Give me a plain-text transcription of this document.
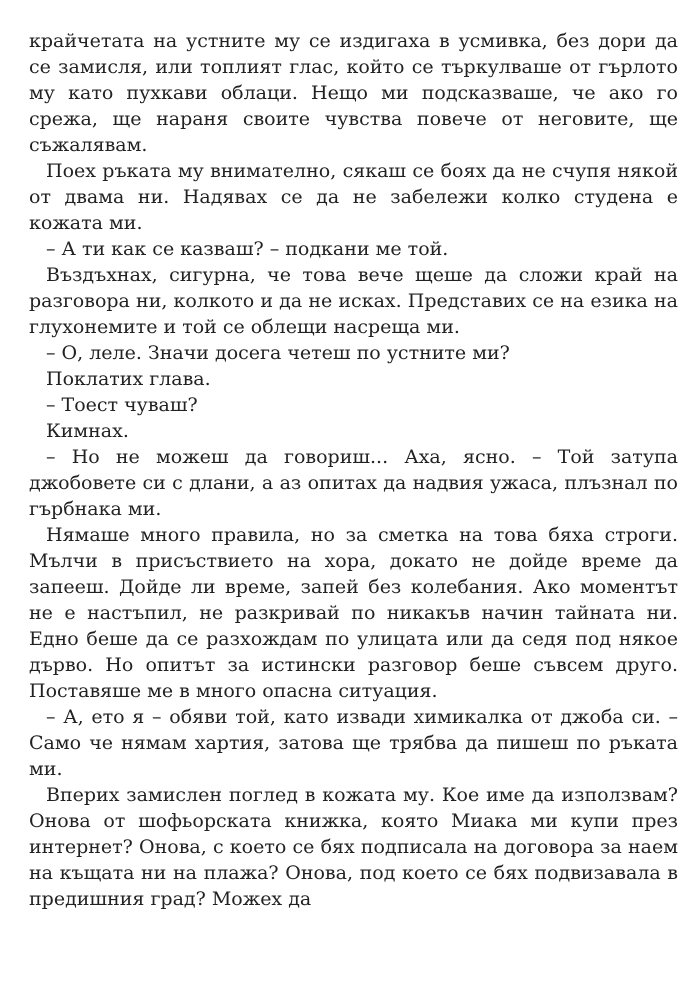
крайчетата на устните му се издигаха в усмивка, без дори да се замисля, или топлият глас, който се търкулваше от гърлото му като пухкави облаци. Нещо ми подсказваше, че ако го срежа, ще нараня своите чувства повече от неговите, ще съжалявам.

Поех ръката му внимателно, сякаш се боях да не счупя някой от двама ни. Надявах се да не забележи колко студена е кожата ми.

– А ти как се казваш? – подкани ме той.

Въздъхнах, сигурна, че това вече щеше да сложи край на разговора ни, колкото и да не исках. Представих се на езика на глухонемите и той се облещи насреща ми.

– О, леле. Значи досега четеш по устните ми?

Поклатих глава.

– Тоест чуваш?

Кимнах.

– Но не можеш да говориш... Аха, ясно. – Той затупа джобовете си с длани, а аз опитах да надвия ужаса, плъзнал по гърбнака ми.

Нямаше много правила, но за сметка на това бяха строги. Мълчи в присъствието на хора, докато не дойде време да запееш. Дойде ли време, запей без колебания. Ако моментът не е настъпил, не разкривай по никакъв начин тайната ни. Едно беше да се разхождам по улицата или да седя под някое дърво. Но опитът за истински разговор беше съвсем друго. Поставяше ме в много опасна ситуация.

– А, ето я – обяви той, като извади химикалка от джоба си. – Само че нямам хартия, затова ще трябва да пишеш по ръката ми.

Вперих замислен поглед в кожата му. Кое име да използвам? Онова от шофьорската книжка, която Миака ми купи през интернет? Онова, с което се бях подписала на договора за наем на къщата ни на плажа? Онова, под което се бях подвизавала в предишния град? Можех да
